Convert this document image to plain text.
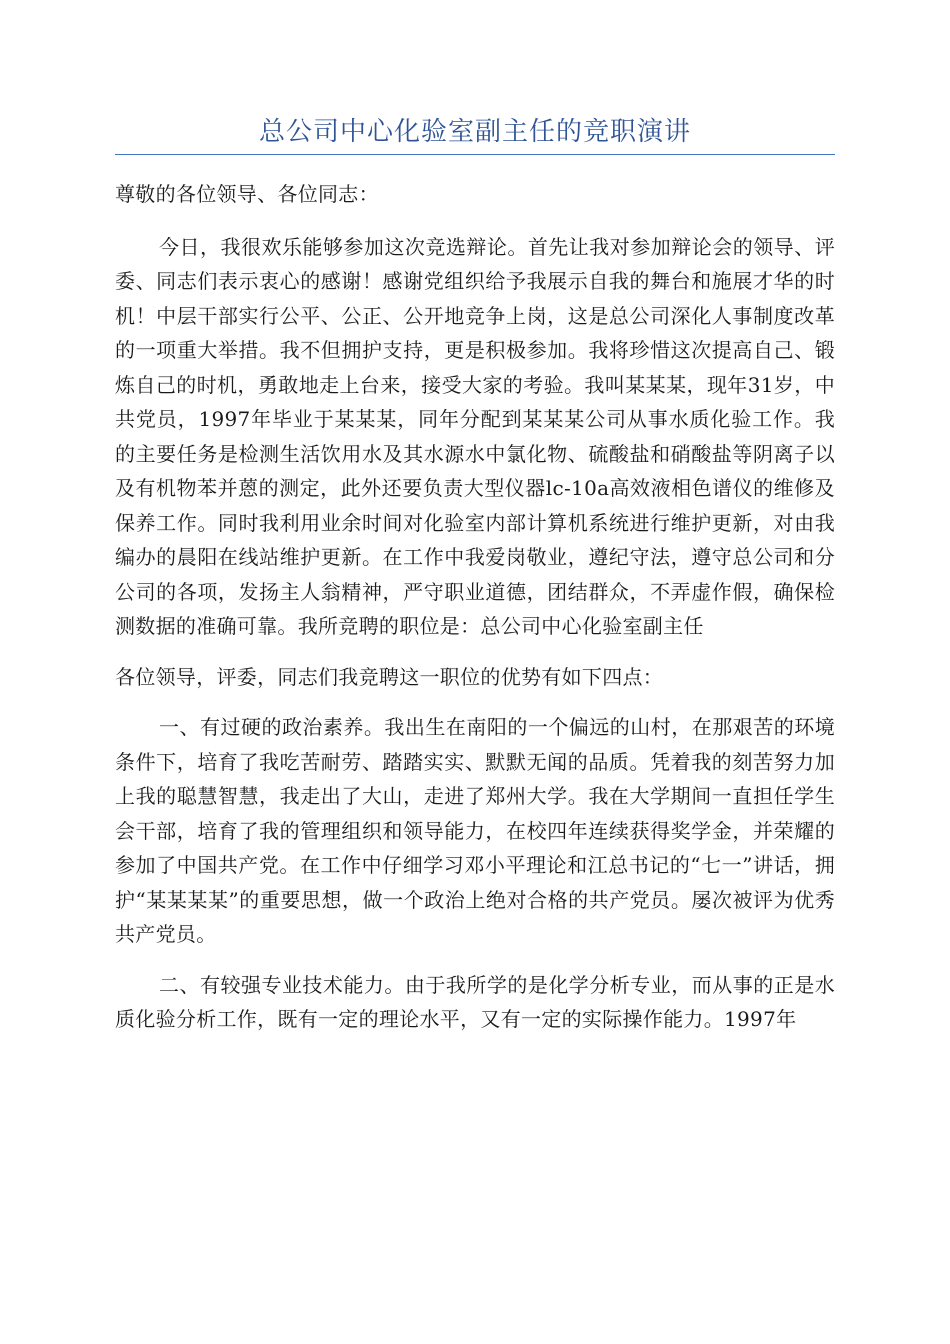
总公司中心化验室副主任的竞职演讲

尊敬的各位领导、各位同志：

今日，我很欢乐能够参加这次竞选辩论。首先让我对参加辩论会的领导、评委、同志们表示衷心的感谢！感谢党组织给予我展示自我的舞台和施展才华的时机！中层干部实行公平、公正、公开地竞争上岗，这是总公司深化人事制度改革的一项重大举措。我不但拥护支持，更是积极参加。我将珍惜这次提高自己、锻炼自己的时机，勇敢地走上台来，接受大家的考验。我叫某某某，现年31岁，中共党员，1997年毕业于某某某，同年分配到某某某公司从事水质化验工作。我的主要任务是检测生活饮用水及其水源水中氯化物、硫酸盐和硝酸盐等阴离子以及有机物苯并蒽的测定，此外还要负责大型仪器lc-10a高效液相色谱仪的维修及保养工作。同时我利用业余时间对化验室内部计算机系统进行维护更新，对由我编办的晨阳在线站维护更新。在工作中我爱岗敬业，遵纪守法，遵守总公司和分公司的各项，发扬主人翁精神，严守职业道德，团结群众，不弄虚作假，确保检测数据的准确可靠。我所竞聘的职位是：总公司中心化验室副主任

各位领导，评委，同志们我竞聘这一职位的优势有如下四点：

一、有过硬的政治素养。我出生在南阳的一个偏远的山村，在那艰苦的环境条件下，培育了我吃苦耐劳、踏踏实实、默默无闻的品质。凭着我的刻苦努力加上我的聪慧智慧，我走出了大山，走进了郑州大学。我在大学期间一直担任学生会干部，培育了我的管理组织和领导能力，在校四年连续获得奖学金，并荣耀的参加了中国共产党。在工作中仔细学习邓小平理论和江总书记的“七一”讲话，拥护“某某某某”的重要思想，做一个政治上绝对合格的共产党员。屡次被评为优秀共产党员。

二、有较强专业技术能力。由于我所学的是化学分析专业，而从事的正是水质化验分析工作，既有一定的理论水平，又有一定的实际操作能力。1997年
